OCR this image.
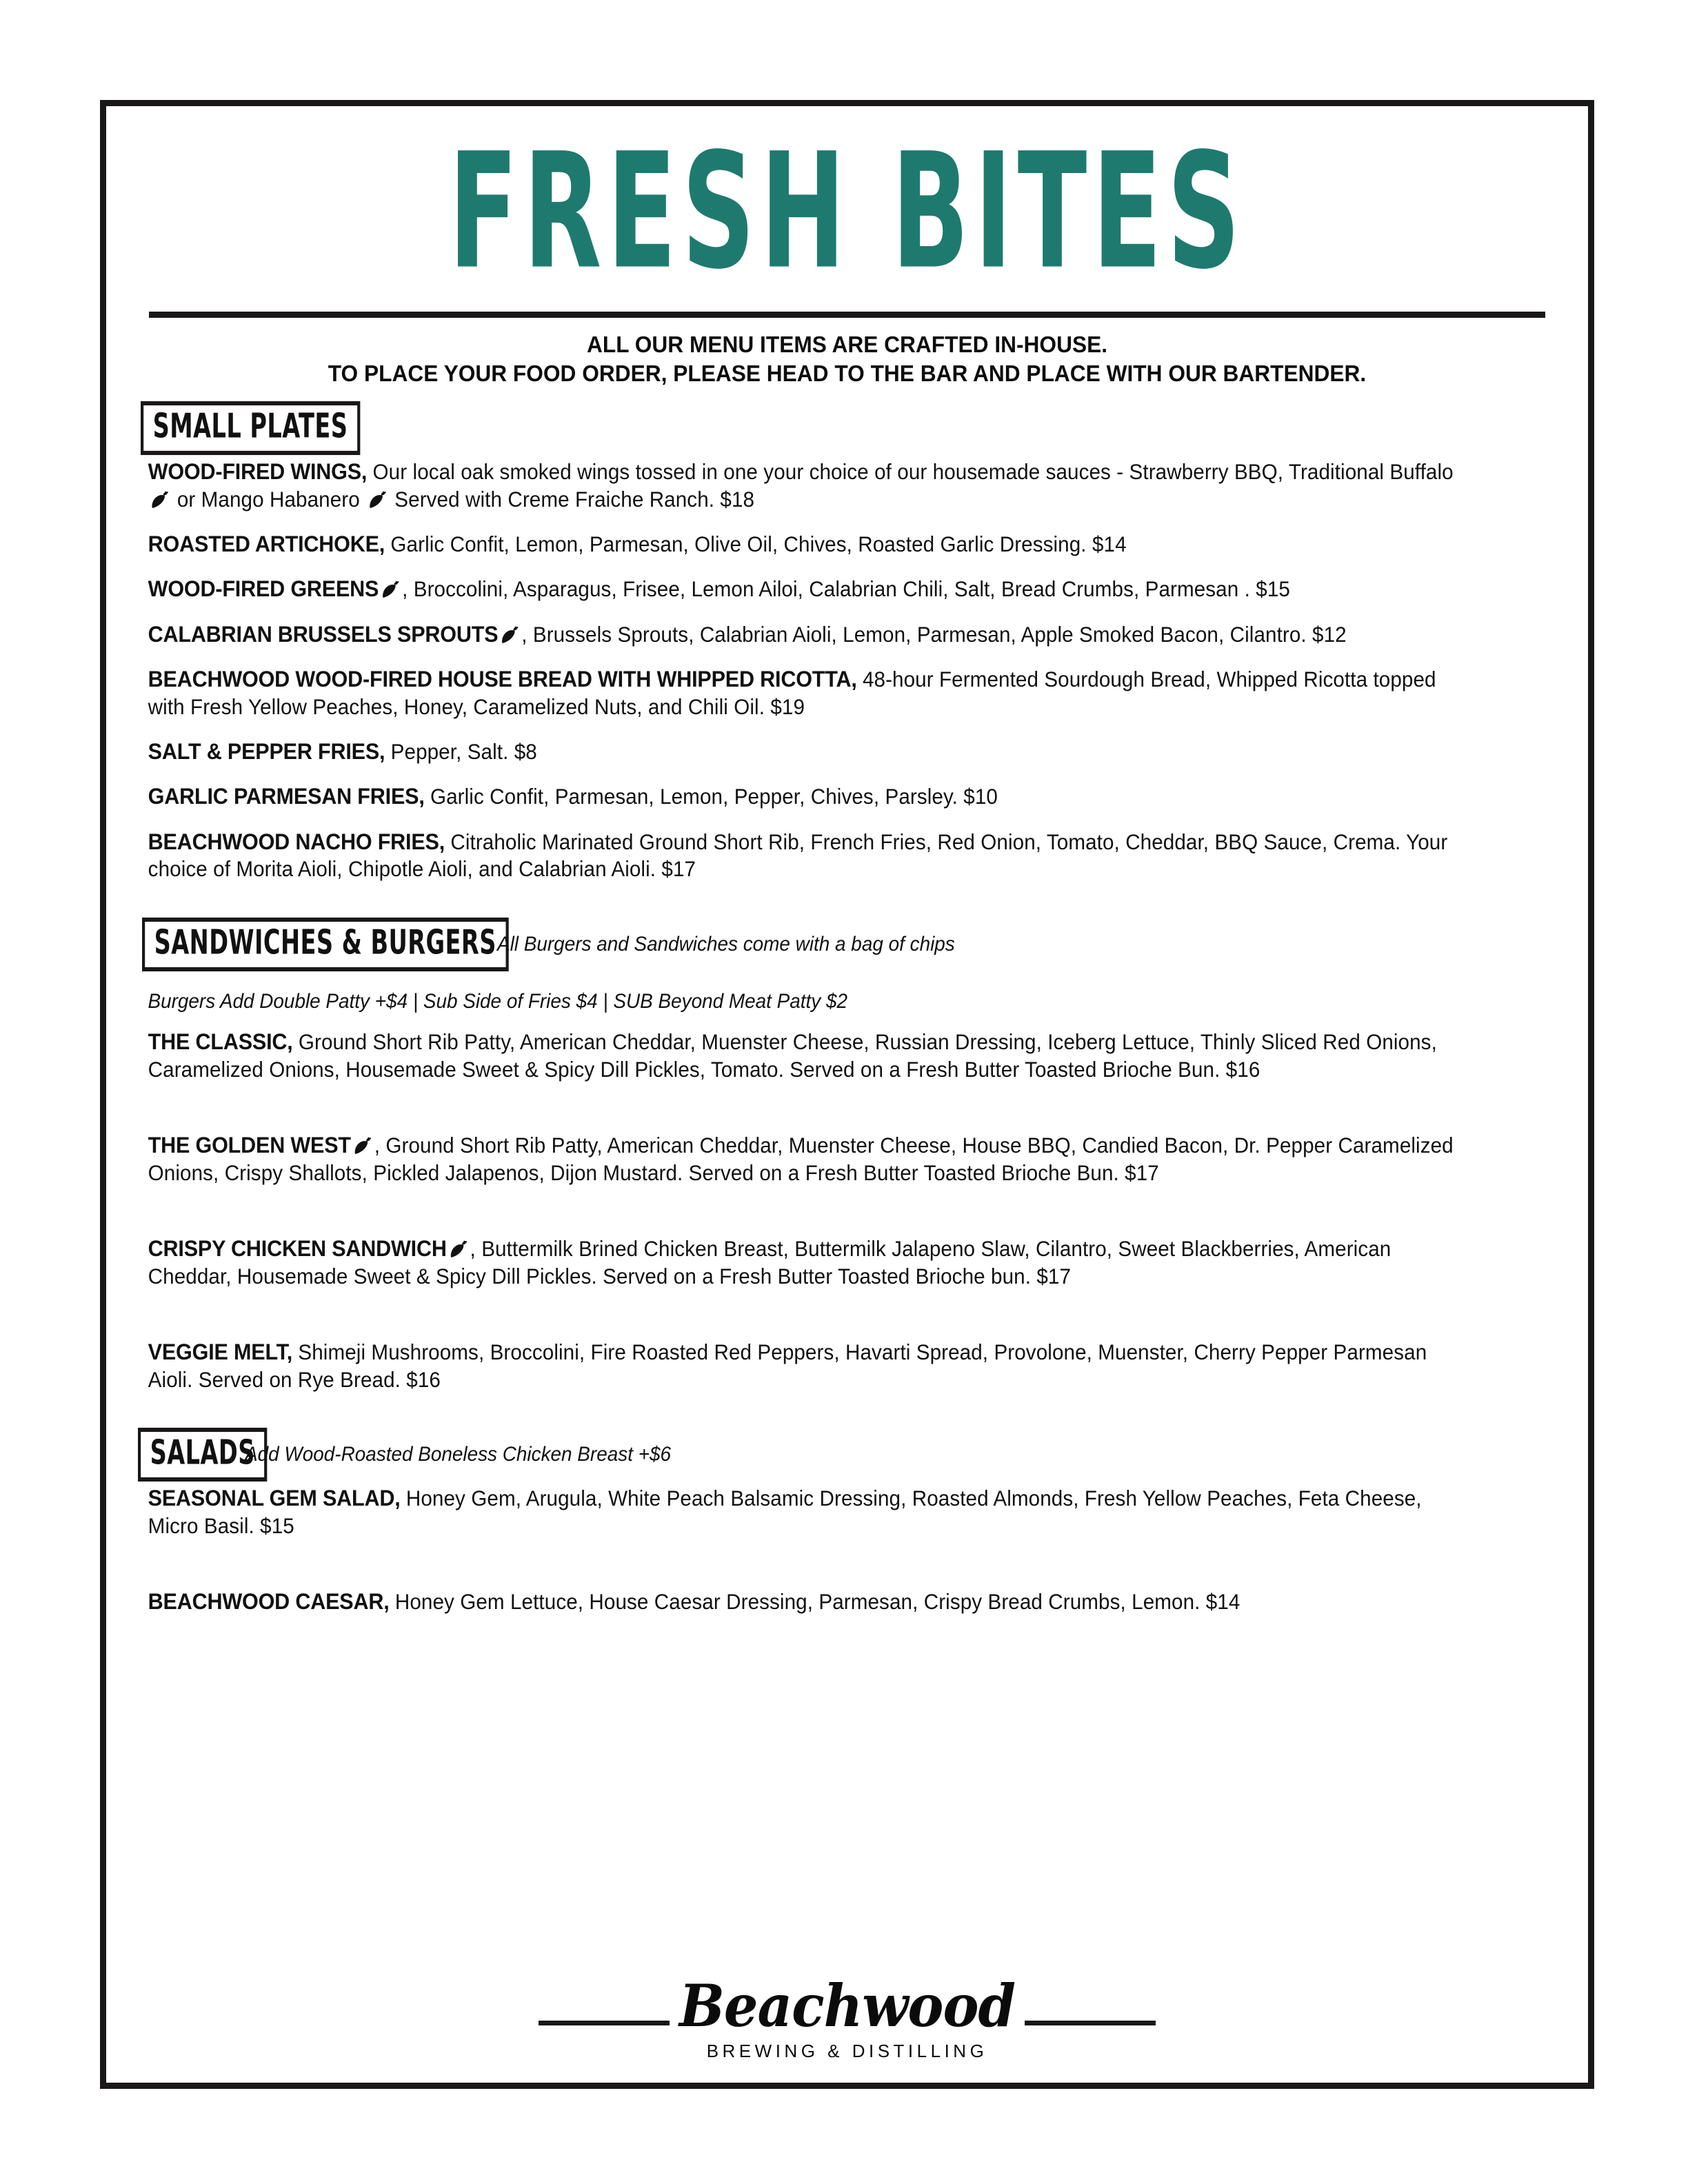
FRESH BITES
ALL OUR MENU ITEMS ARE CRAFTED IN-HOUSE.
TO PLACE YOUR FOOD ORDER, PLEASE HEAD TO THE BAR AND PLACE WITH OUR BARTENDER.
SMALL PLATES
WOOD-FIRED WINGS, Our local oak smoked wings tossed in one your choice of our housemade sauces - Strawberry BBQ, Traditional Buffalo
or Mango Habanero
Served with Creme Fraiche Ranch. $18
ROASTED ARTICHOKE, Garlic Confit, Lemon, Parmesan, Olive Oil, Chives, Roasted Garlic Dressing. $14
WOOD-FIRED GREENS , Broccolini, Asparagus, Frisee, Lemon Ailoi, Calabrian Chili, Salt, Bread Crumbs, Parmesan . $15
CALABRIAN BRUSSELS SPROUTS , Brussels Sprouts, Calabrian Aioli, Lemon, Parmesan, Apple Smoked Bacon, Cilantro. $12
BEACHWOOD WOOD-FIRED HOUSE BREAD WITH WHIPPED RICOTTA, 48-hour Fermented Sourdough Bread, Whipped Ricotta topped with Fresh Yellow Peaches, Honey, Caramelized Nuts, and Chili Oil. $19
SALT & PEPPER FRIES, Pepper, Salt. $8
GARLIC PARMESAN FRIES, Garlic Confit, Parmesan, Lemon, Pepper, Chives, Parsley. $10
BEACHWOOD NACHO FRIES, Citraholic Marinated Ground Short Rib, French Fries, Red Onion, Tomato, Cheddar, BBQ Sauce, Crema. Your choice of Morita Aioli, Chipotle Aioli, and Calabrian Aioli. $17
SANDWICHES & BURGERS All Burgers and Sandwiches come with a bag of chips
Burgers Add Double Patty +$4 | Sub Side of Fries $4 | SUB Beyond Meat Patty $2
THE CLASSIC, Ground Short Rib Patty, American Cheddar, Muenster Cheese, Russian Dressing, Iceberg Lettuce, Thinly Sliced Red Onions, Caramelized Onions, Housemade Sweet & Spicy Dill Pickles, Tomato. Served on a Fresh Butter Toasted Brioche Bun. $16
THE GOLDEN WEST , Ground Short Rib Patty, American Cheddar, Muenster Cheese, House BBQ, Candied Bacon, Dr. Pepper Caramelized Onions, Crispy Shallots, Pickled Jalapenos, Dijon Mustard. Served on a Fresh Butter Toasted Brioche Bun. $17
CRISPY CHICKEN SANDWICH , Buttermilk Brined Chicken Breast, Buttermilk Jalapeno Slaw, Cilantro, Sweet Blackberries, American Cheddar, Housemade Sweet & Spicy Dill Pickles. Served on a Fresh Butter Toasted Brioche bun. $17
VEGGIE MELT, Shimeji Mushrooms, Broccolini, Fire Roasted Red Peppers, Havarti Spread, Provolone, Muenster, Cherry Pepper Parmesan Aioli. Served on Rye Bread. $16
SALADS
Add Wood-Roasted Boneless Chicken Breast +$6
SEASONAL GEM SALAD, Honey Gem, Arugula, White Peach Balsamic Dressing, Roasted Almonds, Fresh Yellow Peaches, Feta Cheese, Micro Basil. $15
BEACHWOOD CAESAR, Honey Gem Lettuce, House Caesar Dressing, Parmesan, Crispy Bread Crumbs, Lemon. $14
Beachwood
BREWING & DISTILLING
